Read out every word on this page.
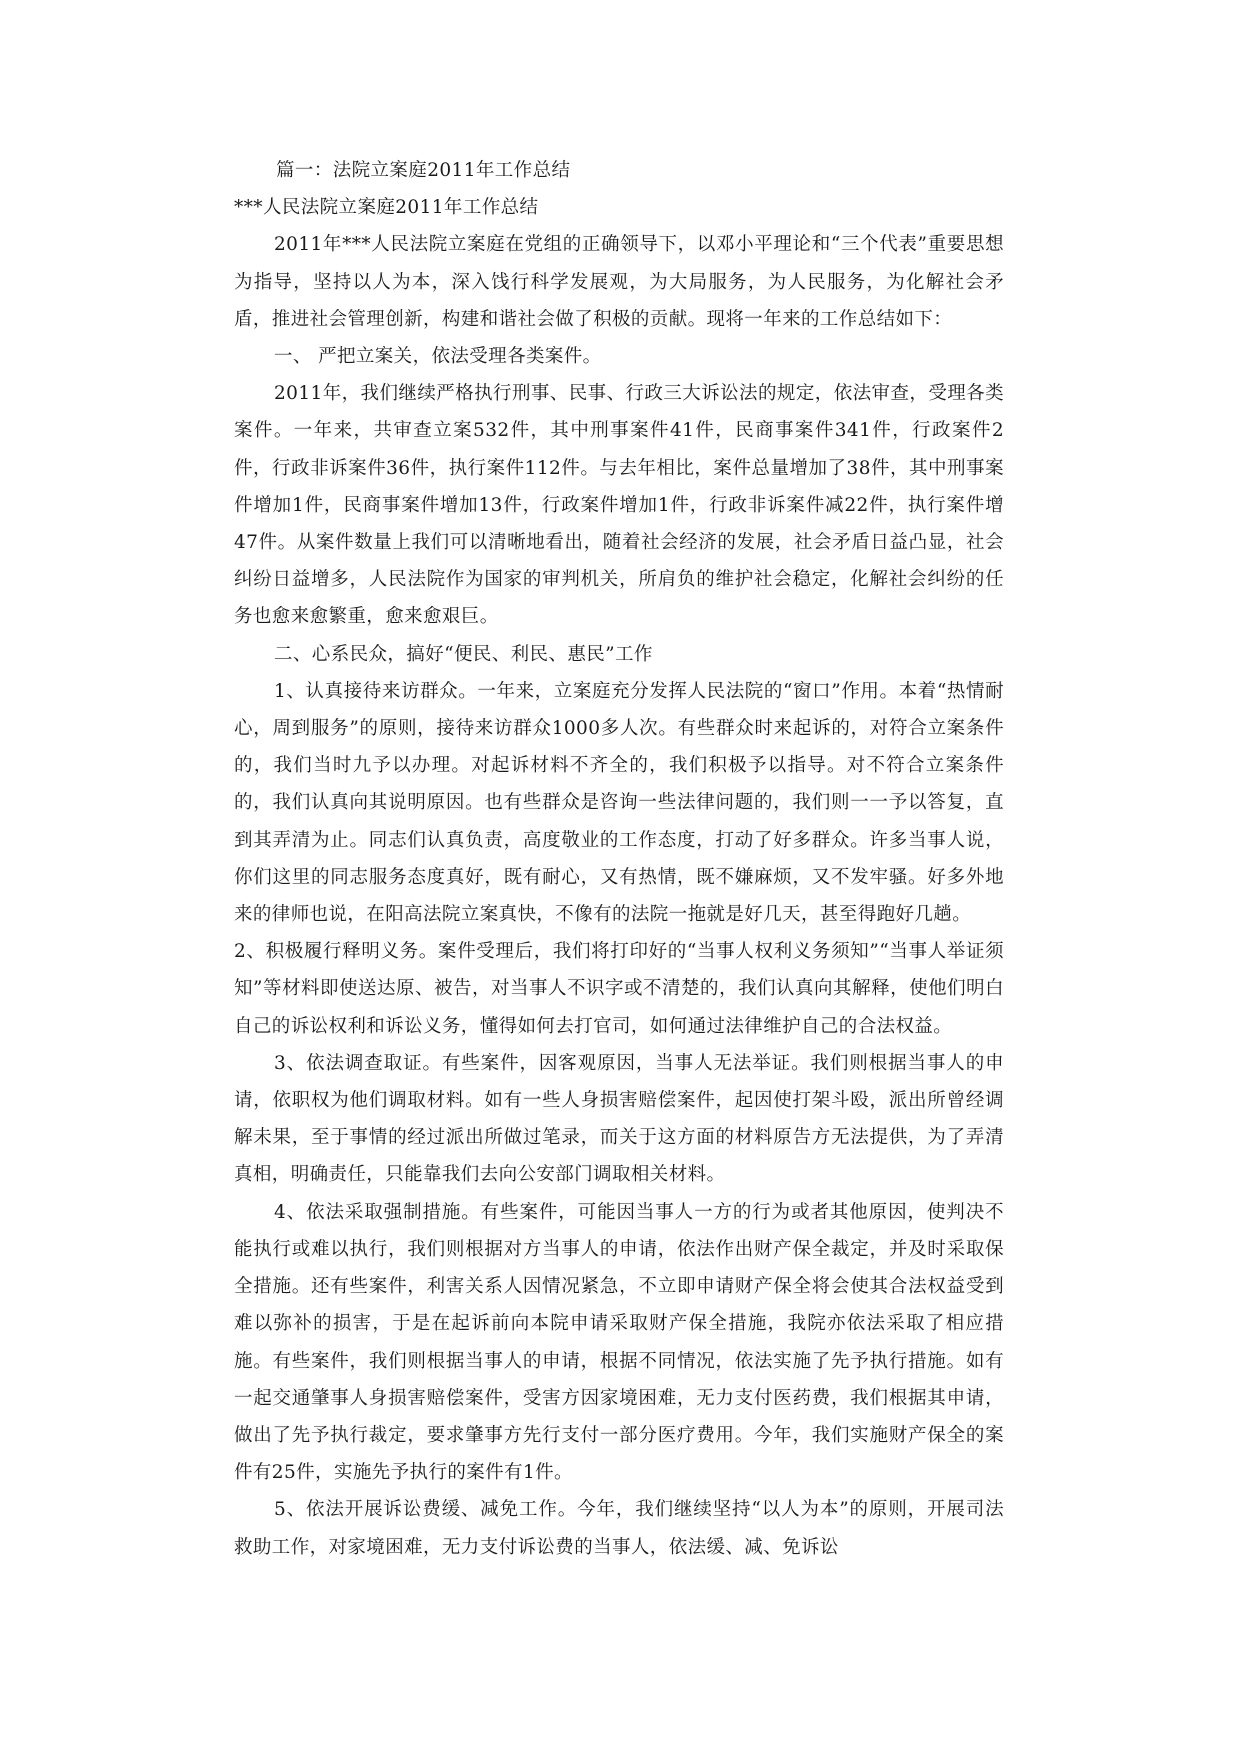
篇一：法院立案庭2011年工作总结

***人民法院立案庭2011年工作总结

2011年***人民法院立案庭在党组的正确领导下，以邓小平理论和“三个代表”重要思想为指导，坚持以人为本，深入饯行科学发展观，为大局服务，为人民服务，为化解社会矛盾，推进社会管理创新，构建和谐社会做了积极的贡献。现将一年来的工作总结如下：

一、 严把立案关，依法受理各类案件。

2011年，我们继续严格执行刑事、民事、行政三大诉讼法的规定，依法审查，受理各类案件。一年来，共审查立案532件，其中刑事案件41件，民商事案件341件，行政案件2件，行政非诉案件36件，执行案件112件。与去年相比，案件总量增加了38件，其中刑事案件增加1件，民商事案件增加13件，行政案件增加1件，行政非诉案件减22件，执行案件增47件。从案件数量上我们可以清晰地看出，随着社会经济的发展，社会矛盾日益凸显，社会纠纷日益增多，人民法院作为国家的审判机关，所肩负的维护社会稳定，化解社会纠纷的任务也愈来愈繁重，愈来愈艰巨。

二、心系民众，搞好“便民、利民、惠民”工作

1、认真接待来访群众。一年来，立案庭充分发挥人民法院的“窗口”作用。本着“热情耐心，周到服务”的原则，接待来访群众1000多人次。有些群众时来起诉的，对符合立案条件的，我们当时九予以办理。对起诉材料不齐全的，我们积极予以指导。对不符合立案条件的，我们认真向其说明原因。也有些群众是咨询一些法律问题的，我们则一一予以答复，直到其弄清为止。同志们认真负责，高度敬业的工作态度，打动了好多群众。许多当事人说，你们这里的同志服务态度真好，既有耐心，又有热情，既不嫌麻烦，又不发牢骚。好多外地来的律师也说，在阳高法院立案真快，不像有的法院一拖就是好几天，甚至得跑好几趟。

2、积极履行释明义务。案件受理后，我们将打印好的“当事人权利义务须知”“当事人举证须知”等材料即使送达原、被告，对当事人不识字或不清楚的，我们认真向其解释，使他们明白自己的诉讼权利和诉讼义务，懂得如何去打官司，如何通过法律维护自己的合法权益。

3、依法调查取证。有些案件，因客观原因，当事人无法举证。我们则根据当事人的申请，依职权为他们调取材料。如有一些人身损害赔偿案件，起因使打架斗殴，派出所曾经调解未果，至于事情的经过派出所做过笔录，而关于这方面的材料原告方无法提供，为了弄清真相，明确责任，只能靠我们去向公安部门调取相关材料。

4、依法采取强制措施。有些案件，可能因当事人一方的行为或者其他原因，使判决不能执行或难以执行，我们则根据对方当事人的申请，依法作出财产保全裁定，并及时采取保全措施。还有些案件，利害关系人因情况紧急，不立即申请财产保全将会使其合法权益受到难以弥补的损害，于是在起诉前向本院申请采取财产保全措施，我院亦依法采取了相应措施。有些案件，我们则根据当事人的申请，根据不同情况，依法实施了先予执行措施。如有一起交通肇事人身损害赔偿案件，受害方因家境困难，无力支付医药费，我们根据其申请，做出了先予执行裁定，要求肇事方先行支付一部分医疗费用。今年，我们实施财产保全的案件有25件，实施先予执行的案件有1件。

5、依法开展诉讼费缓、减免工作。今年，我们继续坚持“以人为本”的原则，开展司法救助工作，对家境困难，无力支付诉讼费的当事人，依法缓、减、免诉讼
